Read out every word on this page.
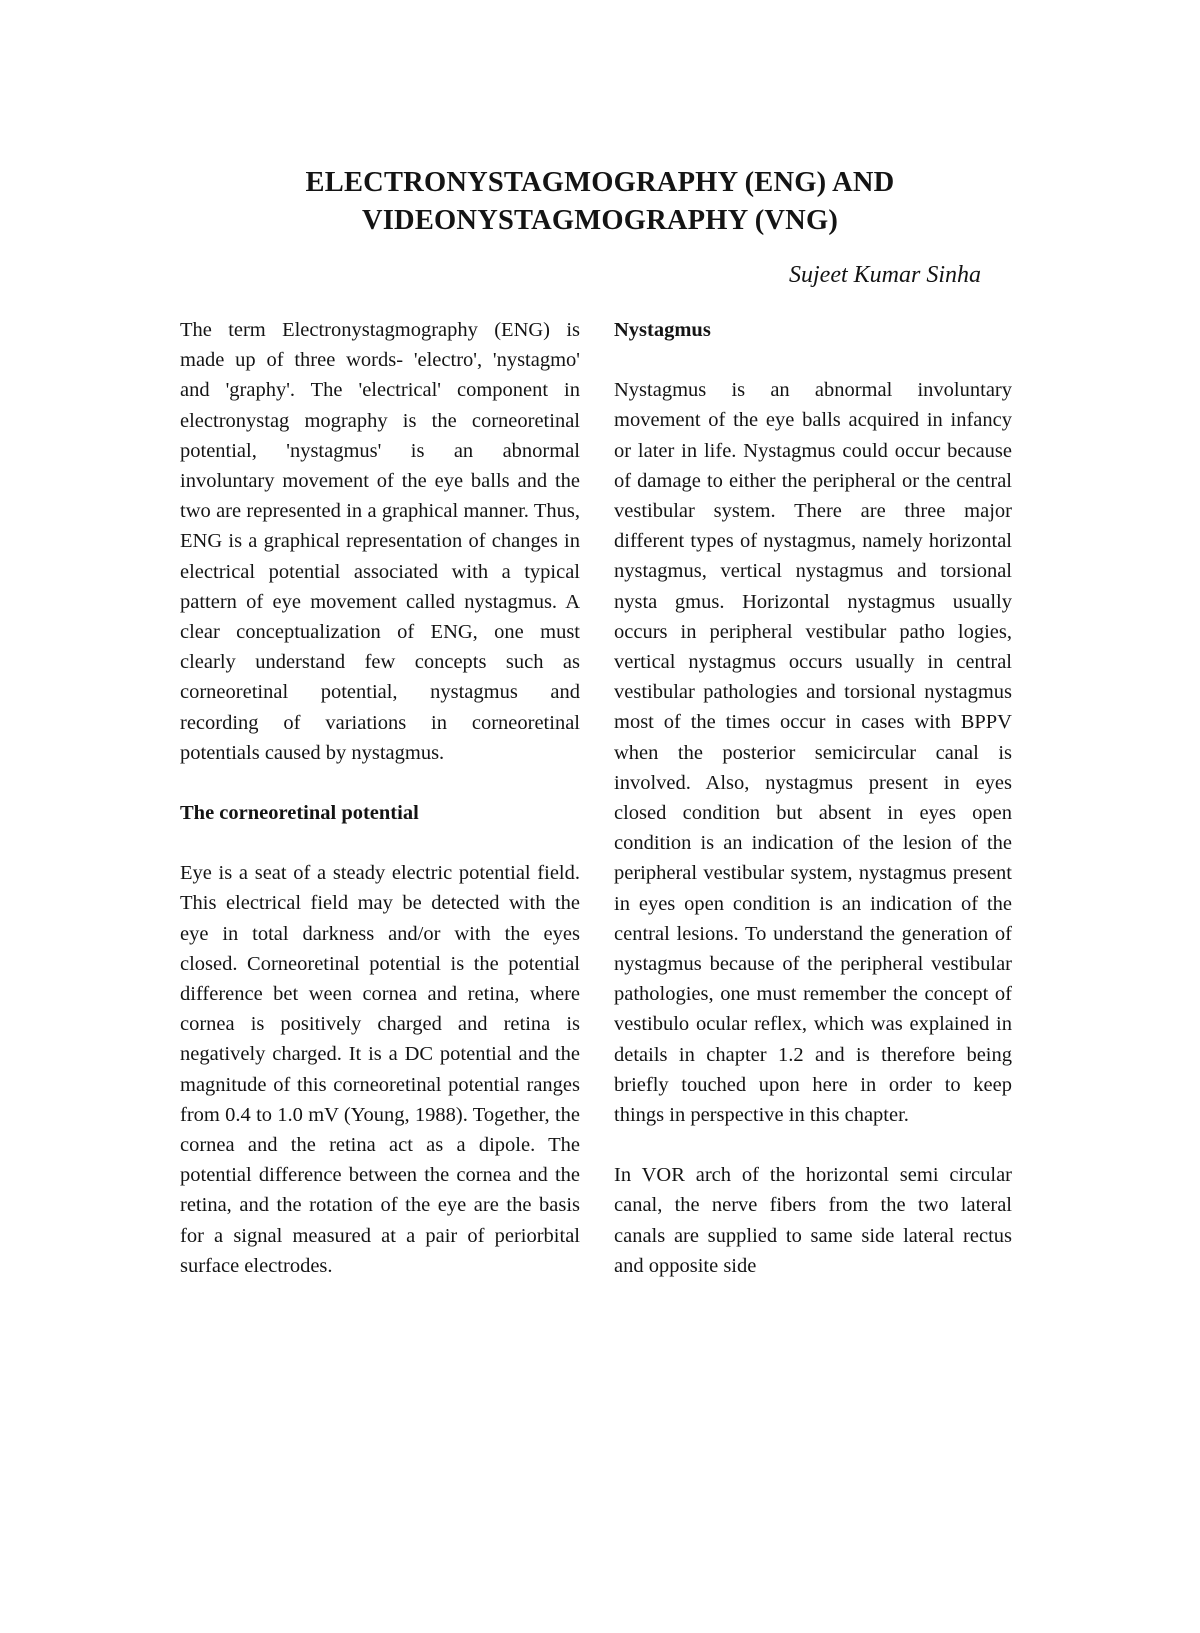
ELECTRONYSTAGMOGRAPHY (ENG) AND
VIDEONYSTAGMOGRAPHY (VNG)
Sujeet Kumar Sinha

The term Electronystagmography (ENG) is made up of three words- 'electro', 'nystagmo' and 'graphy'. The 'electrical' component in electronystag mography is the corneoretinal potential, 'nystagmus' is an abnormal involuntary movement of the eye balls and the two are represented in a graphical manner. Thus, ENG is a graphical representation of changes in electrical potential associated with a typical pattern of eye movement called nystagmus. A clear conceptualization of ENG, one must clearly understand few concepts such as corneoretinal potential, nystagmus and recording of variations in corneoretinal potentials caused by nystagmus.

The corneoretinal potential

Eye is a seat of a steady electric potential field. This electrical field may be detected with the eye in total darkness and/or with the eyes closed. Corneoretinal potential is the potential difference bet ween cornea and retina, where cornea is positively charged and retina is negatively charged. It is a DC potential and the magnitude of this corneoretinal potential ranges from 0.4 to 1.0 mV (Young, 1988). Together, the cornea and the retina act as a dipole. The potential difference between the cornea and the retina, and the rotation of the eye are the basis for a signal measured at a pair of periorbital surface electrodes.

Nystagmus

Nystagmus is an abnormal involuntary movement of the eye balls acquired in infancy or later in life. Nystagmus could occur because of damage to either the peripheral or the central vestibular system. There are three major different types of nystagmus, namely horizontal nystagmus, vertical nystagmus and torsional nysta gmus. Horizontal nystagmus usually occurs in peripheral vestibular patho logies, vertical nystagmus occurs usually in central vestibular pathologies and torsional nystagmus most of the times occur in cases with BPPV when the posterior semicircular canal is involved. Also, nystagmus present in eyes closed condition but absent in eyes open condition is an indication of the lesion of the peripheral vestibular system, nystagmus present in eyes open condition is an indication of the central lesions. To understand the generation of nystagmus because of the peripheral vestibular pathologies, one must remember the concept of vestibulo ocular reflex, which was explained in details in chapter 1.2 and is therefore being briefly touched upon here in order to keep things in perspective in this chapter.

In VOR arch of the horizontal semi circular canal, the nerve fibers from the two lateral canals are supplied to same side lateral rectus and opposite side
